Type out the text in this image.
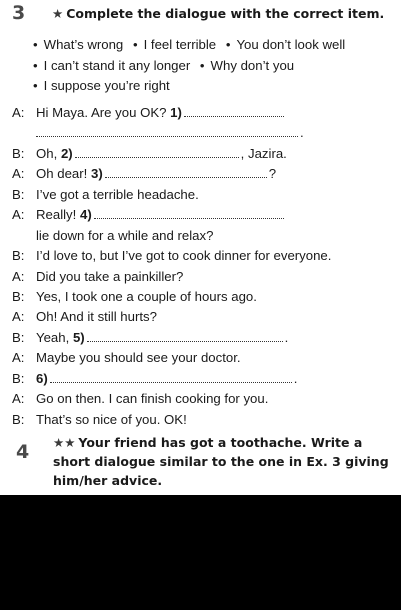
3 ★ Complete the dialogue with the correct item.
• What’s wrong • I feel terrible • You don’t look well
• I can’t stand it any longer • Why don’t you
• I suppose you’re right
A: Hi Maya. Are you OK? 1)
.
B: Oh, 2)	, Jazira.
A: Oh dear! 3)	?
B: I’ve got a terrible headache.
A: Really! 4)
lie down for a while and relax?
B: I’d love to, but I’ve got to cook dinner for everyone.
A: Did you take a painkiller?
B: Yes, I took one a couple of hours ago.
A: Oh! And it still hurts?
B: Yeah, 5)	.
A: Maybe you should see your doctor.
B: 6)	.
A: Go on then. I can finish cooking for you.
B: That’s so nice of you. OK!
4 ★★ Your friend has got a toothache. Write a
short dialogue similar to the one in Ex. 3 giving
him/her advice.
